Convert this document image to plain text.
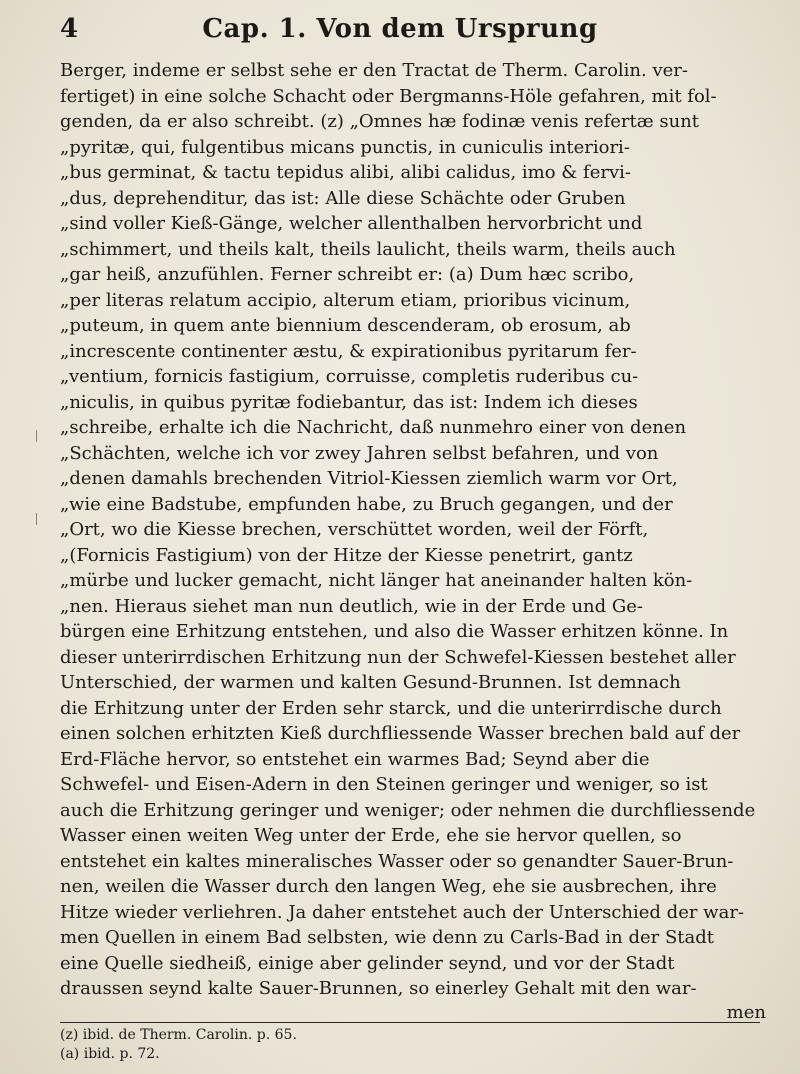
4	Cap. 1. Von dem Ursprung
Berger, indeme er selbst sehe er den Tractat de Therm. Carolin. ver-
fertiget) in eine solche Schacht oder Bergmanns-Höle gefahren, mit fol-
genden, da er also schreibt. (z) „Omnes hæ fodinæ venis refertæ sunt
„pyritæ, qui, fulgentibus micans punctis, in cuniculis interiori-
„bus germinat, & tactu tepidus alibi, alibi calidus, imo & fervi-
„dus, deprehenditur, das ist: Alle diese Schächte oder Gruben
„sind voller Kieß-Gänge, welcher allenthalben hervorbricht und
„schimmert, und theils kalt, theils laulicht, theils warm, theils auch
„gar heiß, anzufühlen. Ferner schreibt er: (a) Dum hæc scribo,
„per literas relatum accipio, alterum etiam, prioribus vicinum,
„puteum, in quem ante biennium descenderam, ob erosum, ab
„increscente continenter æstu, & expirationibus pyritarum fer-
„ventium, fornicis fastigium, corruisse, completis ruderibus cu-
„niculis, in quibus pyritæ fodiebantur, das ist: Indem ich dieses
„schreibe, erhalte ich die Nachricht, daß nunmehro einer von denen
„Schächten, welche ich vor zwey Jahren selbst befahren, und von
„denen damahls brechenden Vitriol-Kiessen ziemlich warm vor Ort,
„wie eine Badstube, empfunden habe, zu Bruch gegangen, und der
„Ort, wo die Kiesse brechen, verschüttet worden, weil der Förft,
„(Fornicis Fastigium) von der Hitze der Kiesse penetrirt, gantz
„mürbe und lucker gemacht, nicht länger hat aneinander halten kön-
„nen. Hieraus siehet man nun deutlich, wie in der Erde und Ge-
bürgen eine Erhitzung entstehen, und also die Wasser erhitzen könne. In
dieser unterirrdischen Erhitzung nun der Schwefel-Kiessen bestehet aller
Unterschied, der warmen und kalten Gesund-Brunnen. Ist demnach
die Erhitzung unter der Erden sehr starck, und die unterirrdische durch
einen solchen erhitzten Kieß durchfliessende Wasser brechen bald auf der
Erd-Fläche hervor, so entstehet ein warmes Bad; Seynd aber die
Schwefel- und Eisen-Adern in den Steinen geringer und weniger, so ist
auch die Erhitzung geringer und weniger; oder nehmen die durchfliessende
Wasser einen weiten Weg unter der Erde, ehe sie hervor quellen, so
entstehet ein kaltes mineralisches Wasser oder so genandter Sauer-Brun-
nen, weilen die Wasser durch den langen Weg, ehe sie ausbrechen, ihre
Hitze wieder verliehren. Ja daher entstehet auch der Unterschied der war-
men Quellen in einem Bad selbsten, wie denn zu Carls-Bad in der Stadt
eine Quelle siedheiß, einige aber gelinder seynd, und vor der Stadt
draussen seynd kalte Sauer-Brunnen, so einerley Gehalt mit den war-
men
(z) ibid. de Therm. Carolin. p. 65.
(a) ibid. p. 72.
